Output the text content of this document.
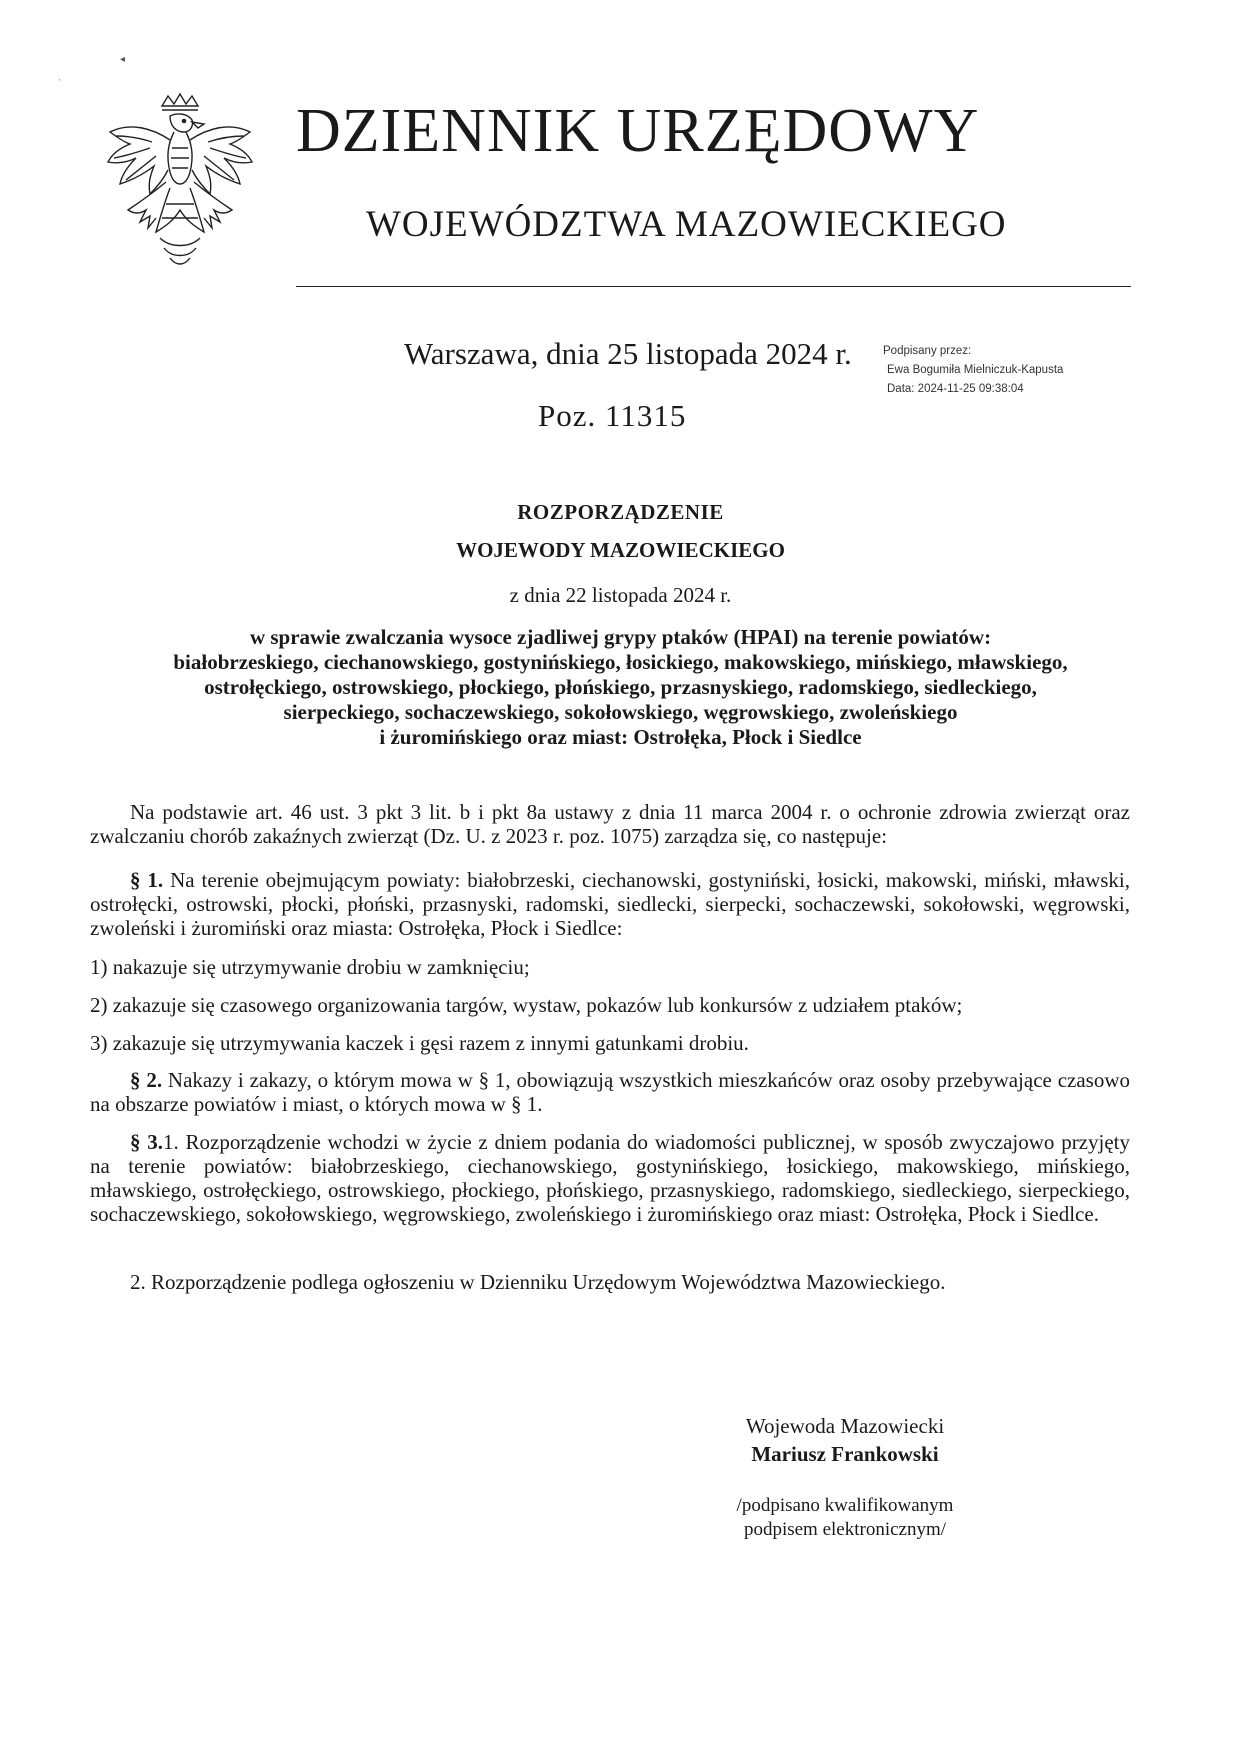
◂
ˈ
DZIENNIK URZĘDOWY
WOJEWÓDZTWA MAZOWIECKIEGO
Warszawa, dnia 25 listopada 2024 r.
Poz. 11315
Podpisany przez:
Ewa Bogumiła Mielniczuk-Kapusta
Data: 2024-11-25 09:38:04
ROZPORZĄDZENIE
WOJEWODY MAZOWIECKIEGO
z dnia 22 listopada 2024 r.
w sprawie zwalczania wysoce zjadliwej grypy ptaków (HPAI) na terenie powiatów:
białobrzeskiego, ciechanowskiego, gostynińskiego, łosickiego, makowskiego, mińskiego, mławskiego,
ostrołęckiego, ostrowskiego, płockiego, płońskiego, przasnyskiego, radomskiego, siedleckiego,
sierpeckiego, sochaczewskiego, sokołowskiego, węgrowskiego, zwoleńskiego
i żuromińskiego oraz miast: Ostrołęka, Płock i Siedlce

Na podstawie art. 46 ust. 3 pkt 3 lit. b i pkt 8a ustawy z dnia 11 marca 2004 r. o ochronie zdrowia zwierząt oraz zwalczaniu chorób zakaźnych zwierząt (Dz. U. z 2023 r. poz. 1075) zarządza się, co następuje:

§ 1. Na terenie obejmującym powiaty: białobrzeski, ciechanowski, gostyniński, łosicki, makowski, miński, mławski, ostrołęcki, ostrowski, płocki, płoński, przasnyski, radomski, siedlecki, sierpecki, sochaczewski, sokołowski, węgrowski, zwoleński i żuromiński oraz miasta: Ostrołęka, Płock i Siedlce:

1) nakazuje się utrzymywanie drobiu w zamknięciu;

2) zakazuje się czasowego organizowania targów, wystaw, pokazów lub konkursów z udziałem ptaków;

3) zakazuje się utrzymywania kaczek i gęsi razem z innymi gatunkami drobiu.

§ 2. Nakazy i zakazy, o którym mowa w § 1, obowiązują wszystkich mieszkańców oraz osoby przebywające czasowo na obszarze powiatów i miast, o których mowa w § 1.

§ 3.1. Rozporządzenie wchodzi w życie z dniem podania do wiadomości publicznej, w sposób zwyczajowo przyjęty na terenie powiatów: białobrzeskiego, ciechanowskiego, gostynińskiego, łosickiego, makowskiego, mińskiego, mławskiego, ostrołęckiego, ostrowskiego, płockiego, płońskiego, przasnyskiego, radomskiego, siedleckiego, sierpeckiego, sochaczewskiego, sokołowskiego, węgrowskiego, zwoleńskiego i żuromińskiego oraz miast: Ostrołęka, Płock i Siedlce.

2. Rozporządzenie podlega ogłoszeniu w Dzienniku Urzędowym Województwa Mazowieckiego.

Wojewoda Mazowiecki
Mariusz Frankowski
/podpisano kwalifikowanym
podpisem elektronicznym/
